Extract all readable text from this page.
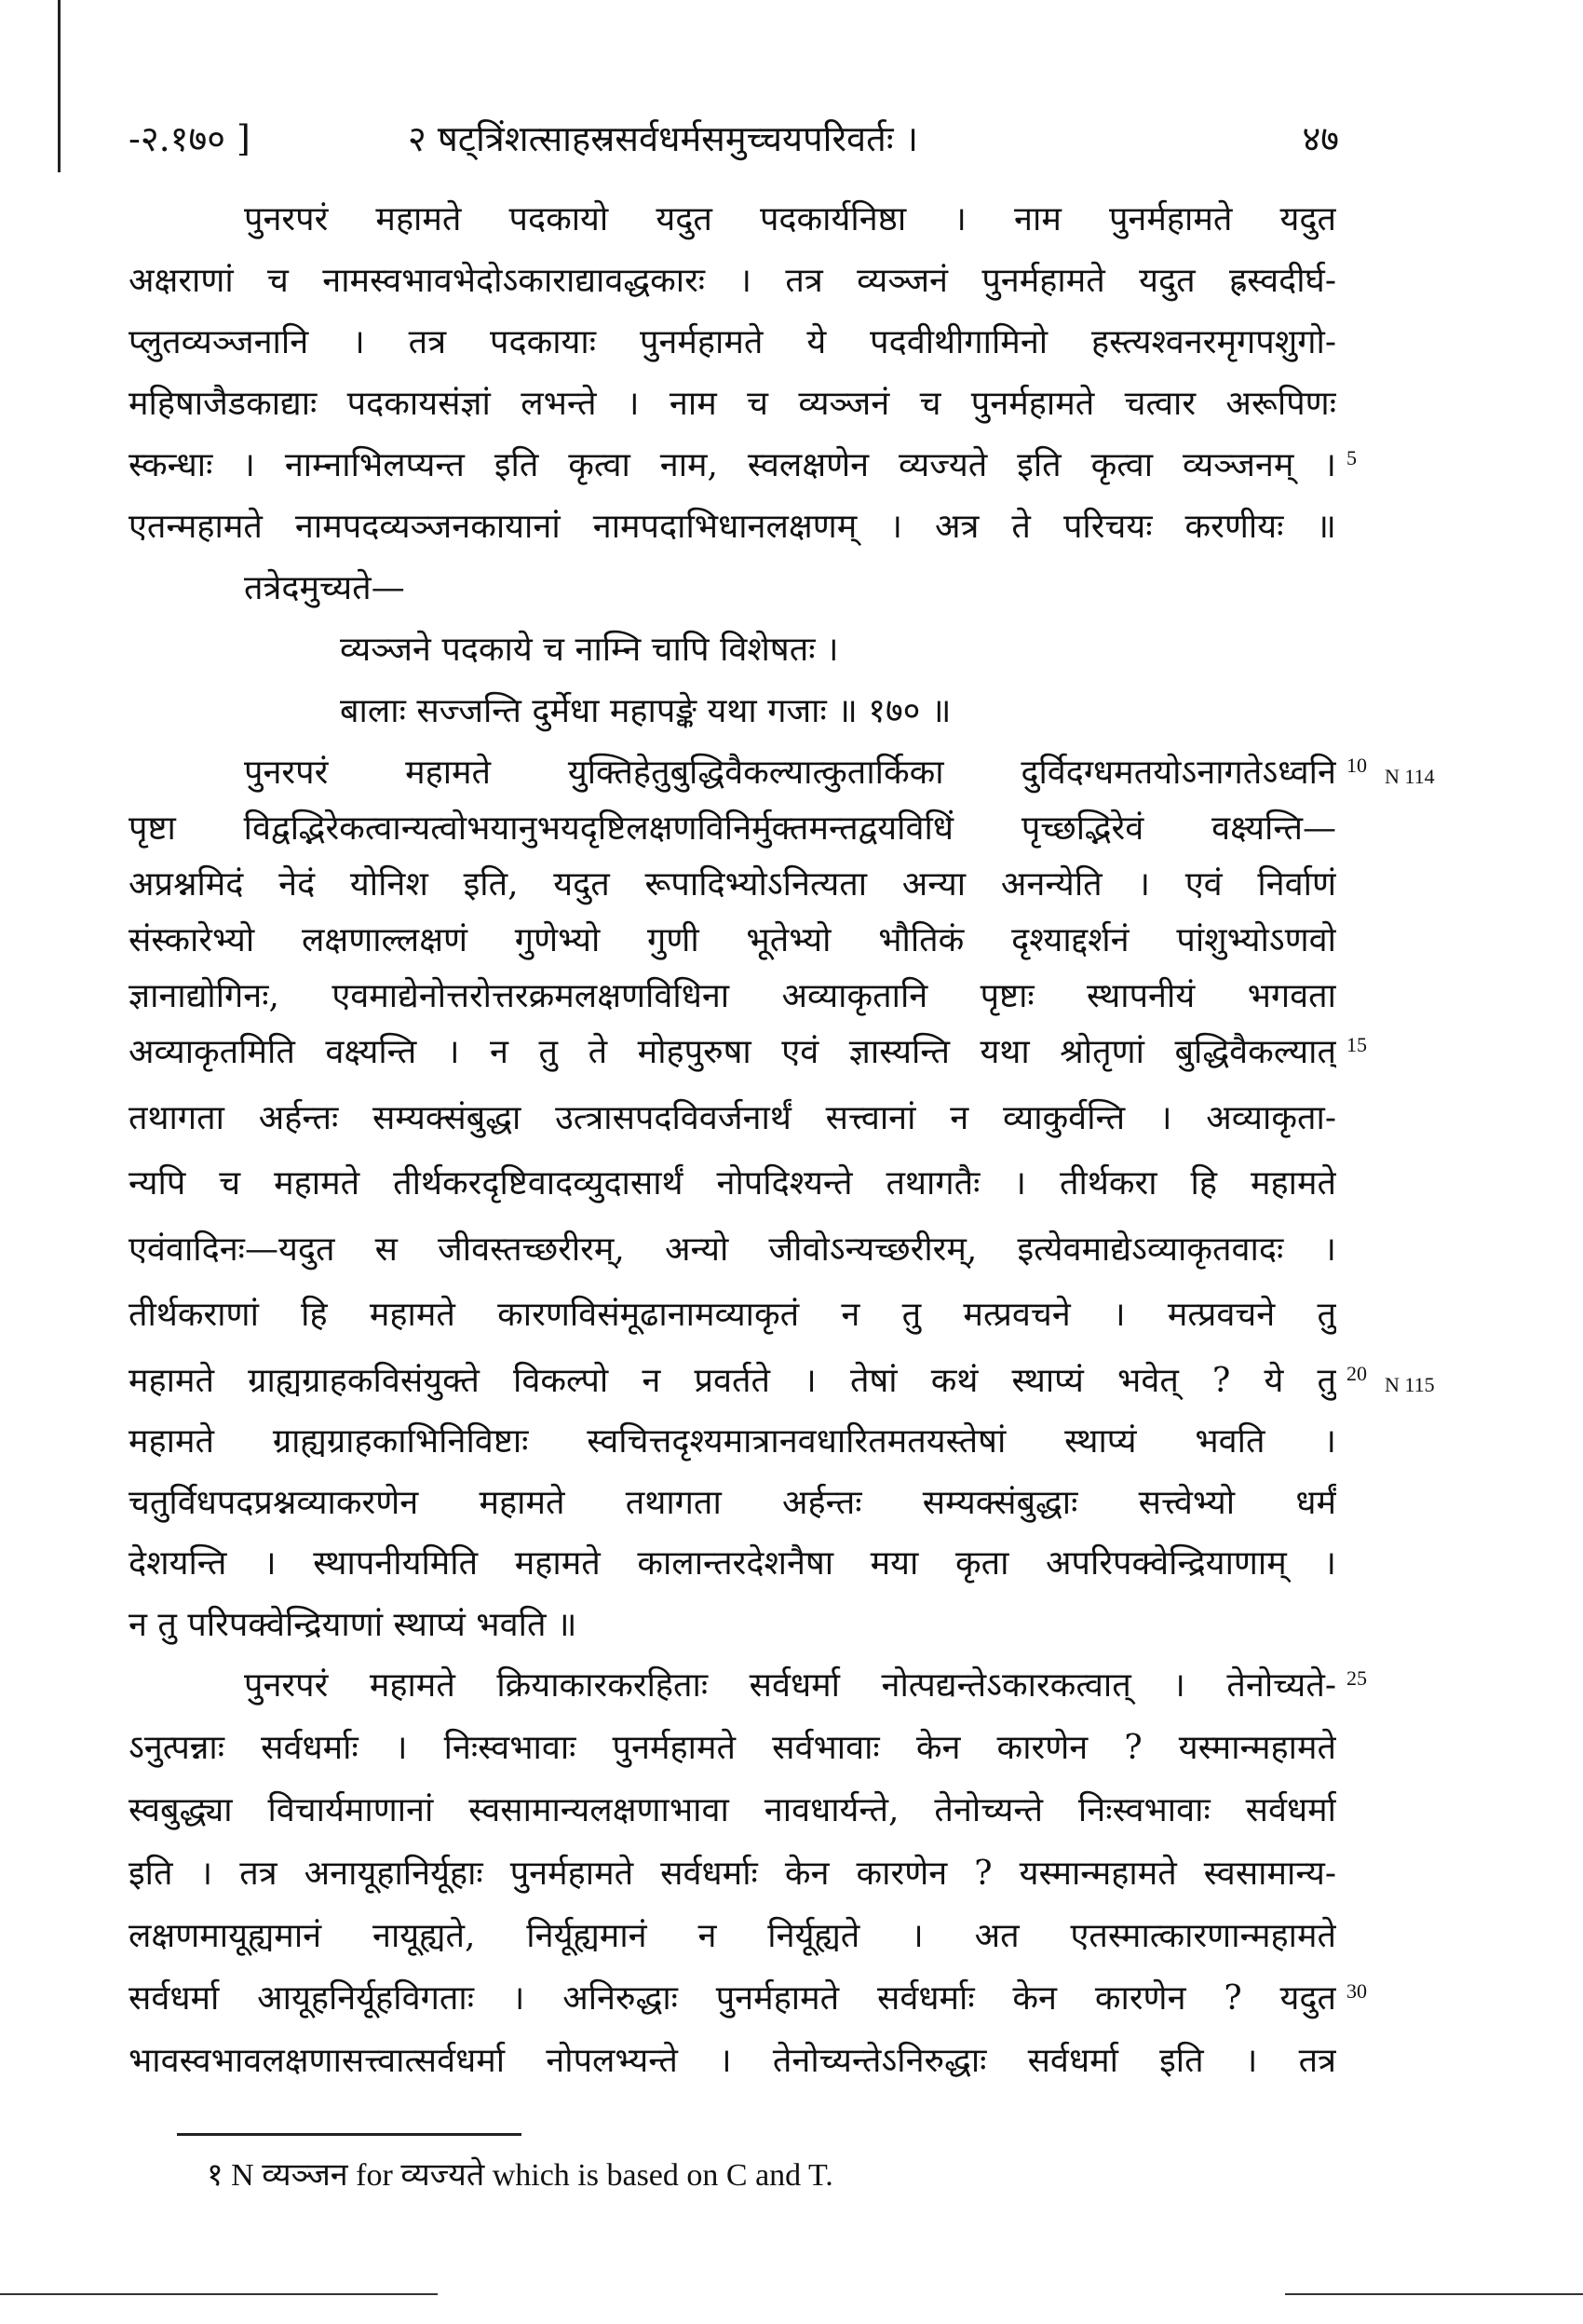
-२.१७० ]	२ षट्त्रिंशत्साहस्रसर्वधर्मसमुच्चयपरिवर्तः ।	४७
पुनरपरं महामते पदकायो यदुत पदकार्यनिष्ठा । नाम पुनर्महामते यदुत
अक्षराणां च नामस्वभावभेदोऽकाराद्यावद्धकारः । तत्र व्यञ्जनं पुनर्महामते यदुत ह्रस्वदीर्घ-
प्लुतव्यञ्जनानि । तत्र पदकायाः पुनर्महामते ये पदवीथीगामिनो हस्त्यश्वनरमृगपशुगो-
महिषाजैडकाद्याः पदकायसंज्ञां लभन्ते । नाम च व्यञ्जनं च पुनर्महामते चत्वार अरूपिणः
स्कन्धाः । नाम्नाभिलप्यन्त इति कृत्वा नाम, स्वलक्षणेन व्यज्यते इति कृत्वा व्यञ्जनम् । 5
एतन्महामते नामपदव्यञ्जनकायानां नामपदाभिधानलक्षणम् । अत्र ते परिचयः करणीयः ॥
तत्रेदमुच्यते—
व्यञ्जने पदकाये च नाम्नि चापि विशेषतः ।
बालाः सज्जन्ति दुर्मेधा महापङ्के यथा गजाः ॥ १७० ॥
पुनरपरं महामते युक्तिहेतुबुद्धिवैकल्यात्कुतार्किका दुर्विदग्धमतयोऽनागतेऽध्वनि 10 N 114
पृष्टा विद्वद्भिरेकत्वान्यत्वोभयानुभयदृष्टिलक्षणविनिर्मुक्तमन्तद्वयविधिं पृच्छद्भिरेवं वक्ष्यन्ति—
अप्रश्नमिदं नेदं योनिश इति, यदुत रूपादिभ्योऽनित्यता अन्या अनन्येति । एवं निर्वाणं
संस्कारेभ्यो लक्षणाल्लक्षणं गुणेभ्यो गुणी भूतेभ्यो भौतिकं दृश्याद्दर्शनं पांशुभ्योऽणवो
ज्ञानाद्योगिनः, एवमाद्येनोत्तरोत्तरक्रमलक्षणविधिना अव्याकृतानि पृष्टाः स्थापनीयं भगवता
अव्याकृतमिति वक्ष्यन्ति । न तु ते मोहपुरुषा एवं ज्ञास्यन्ति यथा श्रोतृणां बुद्धिवैकल्यात् 15
तथागता अर्हन्तः सम्यक्संबुद्धा उत्त्रासपदविवर्जनार्थं सत्त्वानां न व्याकुर्वन्ति । अव्याकृता-
न्यपि च महामते तीर्थकरदृष्टिवादव्युदासार्थं नोपदिश्यन्ते तथागतैः । तीर्थकरा हि महामते
एवंवादिनः—यदुत स जीवस्तच्छरीरम्, अन्यो जीवोऽन्यच्छरीरम्, इत्येवमाद्येऽव्याकृतवादः ।
तीर्थकराणां हि महामते कारणविसंमूढानामव्याकृतं न तु मत्प्रवचने । मत्प्रवचने तु
महामते ग्राह्यग्राहकविसंयुक्ते विकल्पो न प्रवर्तते । तेषां कथं स्थाप्यं भवेत् ? ये तु 20 N 115
महामते ग्राह्यग्राहकाभिनिविष्टाः स्वचित्तदृश्यमात्रानवधारितमतयस्तेषां स्थाप्यं भवति ।
चतुर्विधपदप्रश्नव्याकरणेन महामते तथागता अर्हन्तः सम्यक्संबुद्धाः सत्त्वेभ्यो धर्मं
देशयन्ति । स्थापनीयमिति महामते कालान्तरदेशनैषा मया कृता अपरिपक्वेन्द्रियाणाम् ।
न तु परिपक्वेन्द्रियाणां स्थाप्यं भवति ॥
पुनरपरं महामते क्रियाकारकरहिताः सर्वधर्मा नोत्पद्यन्तेऽकारकत्वात् । तेनोच्यते- 25
ऽनुत्पन्नाः सर्वधर्माः । निःस्वभावाः पुनर्महामते सर्वभावाः केन कारणेन ? यस्मान्महामते
स्वबुद्ध्या विचार्यमाणानां स्वसामान्यलक्षणाभावा नावधार्यन्ते, तेनोच्यन्ते निःस्वभावाः सर्वधर्मा
इति । तत्र अनायूहानिर्यूहाः पुनर्महामते सर्वधर्माः केन कारणेन ? यस्मान्महामते स्वसामान्य-
लक्षणमायूह्यमानं नायूह्यते, निर्यूह्यमानं न निर्यूह्यते । अत एतस्मात्कारणान्महामते
सर्वधर्मा आयूहनिर्यूहविगताः । अनिरुद्धाः पुनर्महामते सर्वधर्माः केन कारणेन ? यदुत 30
भावस्वभावलक्षणासत्त्वात्सर्वधर्मा नोपलभ्यन्ते । तेनोच्यन्तेऽनिरुद्धाः सर्वधर्मा इति । तत्र
१ N व्यञ्जन for व्यज्यते which is based on C and T.
